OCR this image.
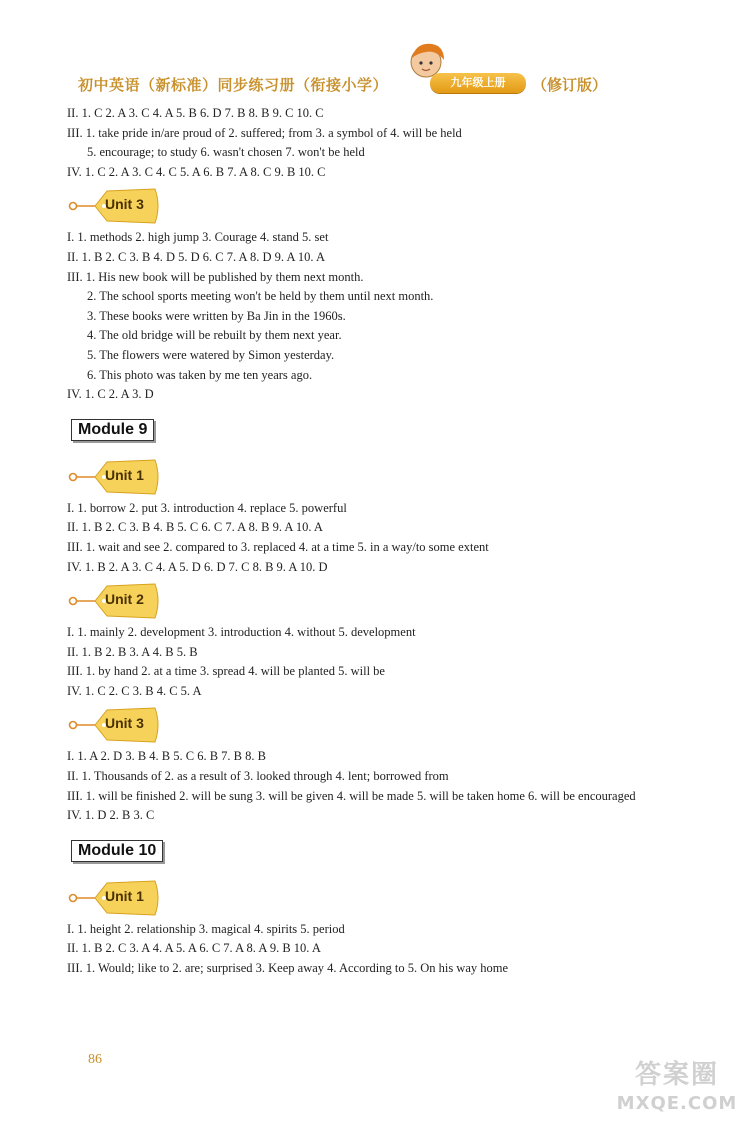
初中英语（新标准）同步练习册（衔接小学）	九年级上册	（修订版）
II. 1. C 2. A 3. C 4. A 5. B 6. D 7. B 8. B 9. C 10. C
III. 1. take pride in/are proud of 2. suffered; from 3. a symbol of 4. will be held
5. encourage; to study 6. wasn't chosen 7. won't be held
IV. 1. C 2. A 3. C 4. C 5. A 6. B 7. A 8. C 9. B 10. C
Unit 3
I. 1. methods 2. high jump 3. Courage 4. stand 5. set
II. 1. B 2. C 3. B 4. D 5. D 6. C 7. A 8. D 9. A 10. A
III. 1. His new book will be published by them next month.
2. The school sports meeting won't be held by them until next month.
3. These books were written by Ba Jin in the 1960s.
4. The old bridge will be rebuilt by them next year.
5. The flowers were watered by Simon yesterday.
6. This photo was taken by me ten years ago.
IV. 1. C 2. A 3. D
Module 9
Unit 1
I. 1. borrow 2. put 3. introduction 4. replace 5. powerful
II. 1. B 2. C 3. B 4. B 5. C 6. C 7. A 8. B 9. A 10. A
III. 1. wait and see 2. compared to 3. replaced 4. at a time 5. in a way/to some extent
IV. 1. B 2. A 3. C 4. A 5. D 6. D 7. C 8. B 9. A 10. D
Unit 2
I. 1. mainly 2. development 3. introduction 4. without 5. development
II. 1. B 2. B 3. A 4. B 5. B
III. 1. by hand 2. at a time 3. spread 4. will be planted 5. will be
IV. 1. C 2. C 3. B 4. C 5. A
Unit 3
I. 1. A 2. D 3. B 4. B 5. C 6. B 7. B 8. B
II. 1. Thousands of 2. as a result of 3. looked through 4. lent; borrowed from
III. 1. will be finished 2. will be sung 3. will be given 4. will be made 5. will be taken home 6. will be encouraged
IV. 1. D 2. B 3. C
Module 10
Unit 1
I. 1. height 2. relationship 3. magical 4. spirits 5. period
II. 1. B 2. C 3. A 4. A 5. A 6. C 7. A 8. A 9. B 10. A
III. 1. Would; like to 2. are; surprised 3. Keep away 4. According to 5. On his way home
86
答案圈
MXQE.COM
